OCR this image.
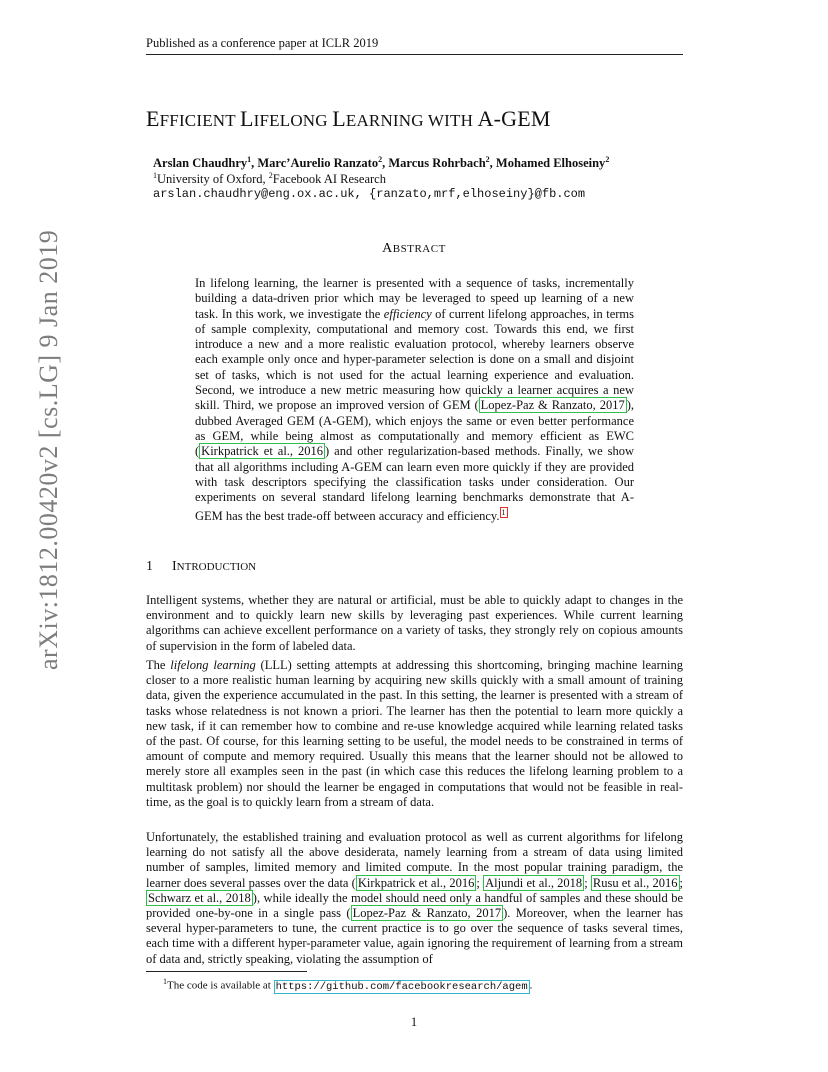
Published as a conference paper at ICLR 2019
arXiv:1812.00420v2 [cs.LG] 9 Jan 2019
EFFICIENT LIFELONG LEARNING WITH A-GEM
Arslan Chaudhry$^1$, Marc’Aurelio Ranzato$^2$, Marcus Rohrbach$^2$, Mohamed Elhoseiny$^2$
$^1$University of Oxford, $^2$Facebook AI Research
arslan.chaudhry@eng.ox.ac.uk, {ranzato,mrf,elhoseiny}@fb.com
ABSTRACT
In lifelong learning, the learner is presented with a sequence of tasks, incrementally building a data-driven prior which may be leveraged to speed up learning of a new task. In this work, we investigate the efficiency of current lifelong approaches, in terms of sample complexity, computational and memory cost. Towards this end, we first introduce a new and a more realistic evaluation protocol, whereby learners observe each example only once and hyper-parameter selection is done on a small and disjoint set of tasks, which is not used for the actual learning experience and evaluation. Second, we introduce a new metric measuring how quickly a learner acquires a new skill. Third, we propose an improved version of GEM ( Lopez-Paz & Ranzato, 2017 ), dubbed Averaged GEM (A-GEM), which enjoys the same or even better performance as GEM, while being almost as computationally and memory efficient as EWC ( Kirkpatrick et al., 2016 ) and other regularization-based methods. Finally, we show that all algorithms including A-GEM can learn even more quickly if they are provided with task descriptors specifying the classification tasks under consideration. Our experiments on several standard lifelong learning benchmarks demonstrate that A-GEM has the best trade-off between accuracy and efficiency. $^1$
1 INTRODUCTION
Intelligent systems, whether they are natural or artificial, must be able to quickly adapt to changes in the environment and to quickly learn new skills by leveraging past experiences. While current learning algorithms can achieve excellent performance on a variety of tasks, they strongly rely on copious amounts of supervision in the form of labeled data.
The lifelong learning (LLL) setting attempts at addressing this shortcoming, bringing machine learning closer to a more realistic human learning by acquiring new skills quickly with a small amount of training data, given the experience accumulated in the past. In this setting, the learner is presented with a stream of tasks whose relatedness is not known a priori. The learner has then the potential to learn more quickly a new task, if it can remember how to combine and re-use knowledge acquired while learning related tasks of the past. Of course, for this learning setting to be useful, the model needs to be constrained in terms of amount of compute and memory required. Usually this means that the learner should not be allowed to merely store all examples seen in the past (in which case this reduces the lifelong learning problem to a multitask problem) nor should the learner be engaged in computations that would not be feasible in real-time, as the goal is to quickly learn from a stream of data.
Unfortunately, the established training and evaluation protocol as well as current algorithms for lifelong learning do not satisfy all the above desiderata, namely learning from a stream of data using limited number of samples, limited memory and limited compute. In the most popular training paradigm, the learner does several passes over the data ( Kirkpatrick et al., 2016 ; Aljundi et al., 2018 ; Rusu et al., 2016 ; Schwarz et al., 2018 ), while ideally the model should need only a handful of samples and these should be provided one-by-one in a single pass ( Lopez-Paz & Ranzato, 2017 ). Moreover, when the learner has several hyper-parameters to tune, the current practice is to go over the sequence of tasks several times, each time with a different hyper-parameter value, again ignoring the requirement of learning from a stream of data and, strictly speaking, violating the assumption of
$^1$The code is available at https://github.com/facebookresearch/agem .
1
